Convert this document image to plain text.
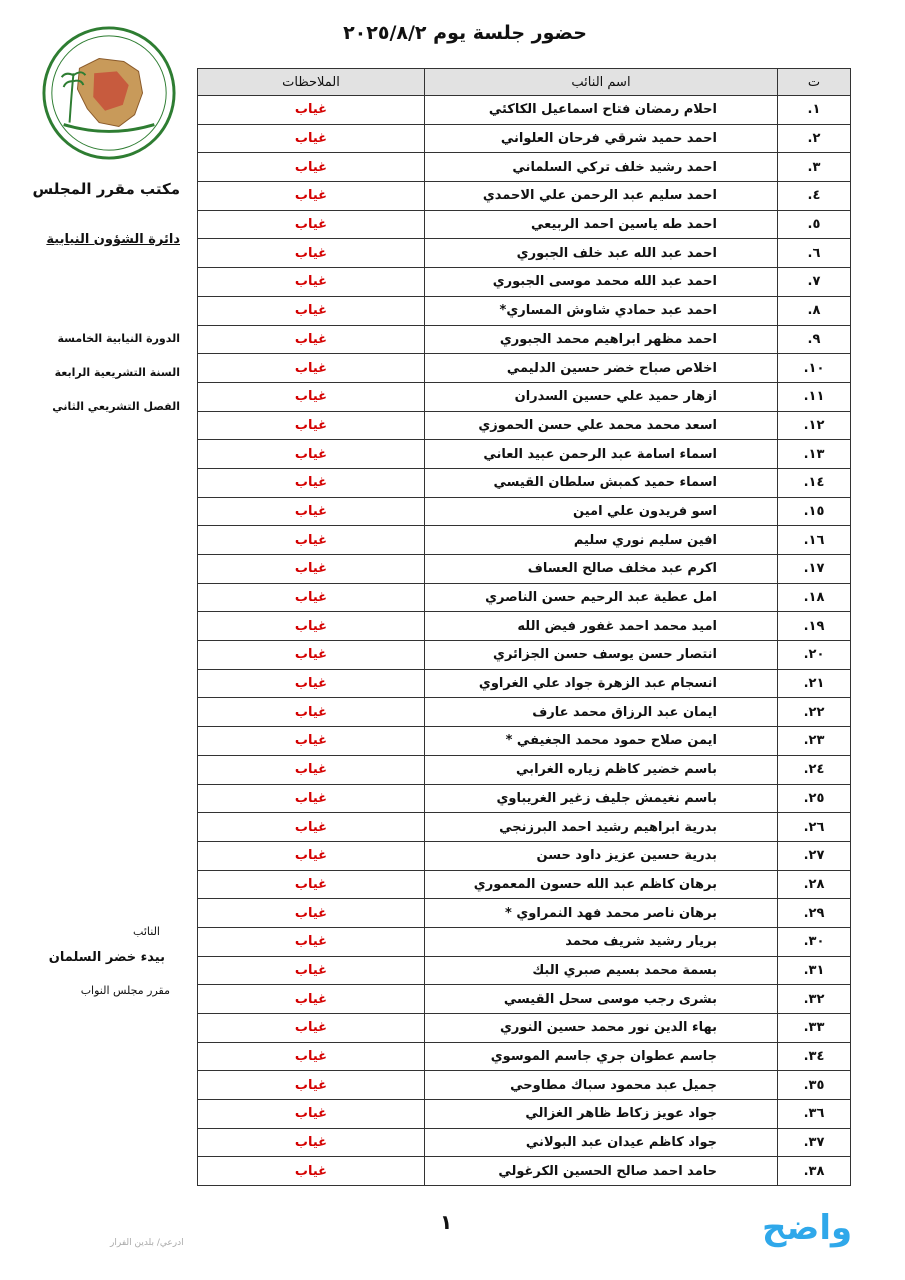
حضور جلسة يوم ٢٠٢٥/٨/٢
مكتب مقرر المجلس
دائرة الشؤون النيابية
الدورة النيابية الخامسة
السنة التشريعية الرابعة
الفصل التشريعي الثاني
النائب
بيدء خضر السلمان
مقرر مجلس النواب
ت	اسم النائب	الملاحظات
١.	احلام رمضان فتاح اسماعيل الكاكئي	غياب
٢.	احمد حميد شرقي فرحان العلواني	غياب
٣.	احمد رشيد خلف تركي السلماني	غياب
٤.	احمد سليم عبد الرحمن علي الاحمدي	غياب
٥.	احمد طه ياسين احمد الربيعي	غياب
٦.	احمد عبد الله عبد خلف الجبوري	غياب
٧.	احمد عبد الله محمد موسى الجبوري	غياب
٨.	احمد عبد حمادي شاوش المساري*	غياب
٩.	احمد مظهر ابراهيم محمد الجبوري	غياب
١٠.	اخلاص صباح خضر حسين الدليمي	غياب
١١.	ازهار حميد علي حسين السدران	غياب
١٢.	اسعد محمد محمد علي حسن الحموزي	غياب
١٣.	اسماء اسامة عبد الرحمن عبيد العاني	غياب
١٤.	اسماء حميد كمبش سلطان القيسي	غياب
١٥.	اسو فريدون علي امين	غياب
١٦.	افين سليم نوري سليم	غياب
١٧.	اكرم عبد مخلف صالح العساف	غياب
١٨.	امل عطية عبد الرحيم حسن الناصري	غياب
١٩.	اميد محمد احمد غفور فيض الله	غياب
٢٠.	انتصار حسن يوسف حسن الجزائري	غياب
٢١.	انسجام عبد الزهرة جواد علي الغراوي	غياب
٢٢.	ايمان عبد الرزاق محمد عارف	غياب
٢٣.	ايمن صلاح حمود محمد الجغيفي *	غياب
٢٤.	باسم خضير كاظم زياره الغرابي	غياب
٢٥.	باسم نغيمش جليف زغير الغريباوي	غياب
٢٦.	بدرية ابراهيم رشيد احمد البرزنجي	غياب
٢٧.	بدرية حسين عزيز داود حسن	غياب
٢٨.	برهان كاظم عبد الله حسون المعموري	غياب
٢٩.	برهان ناصر محمد فهد النمراوي *	غياب
٣٠.	بريار رشيد شريف محمد	غياب
٣١.	بسمة محمد بسيم صبري البك	غياب
٣٢.	بشرى رجب موسى سحل القيسي	غياب
٣٣.	بهاء الدين نور محمد حسين النوري	غياب
٣٤.	جاسم عطوان جري جاسم الموسوي	غياب
٣٥.	جميل عبد محمود سباك مطاوحي	غياب
٣٦.	جواد عويز زكاط ظاهر الغزالي	غياب
٣٧.	جواد كاظم عيدان عبد البولاني	غياب
٣٨.	حامد احمد صالح الحسين الكرغولي	غياب
١
ادرعي/ بلدين الفرار	واضح
